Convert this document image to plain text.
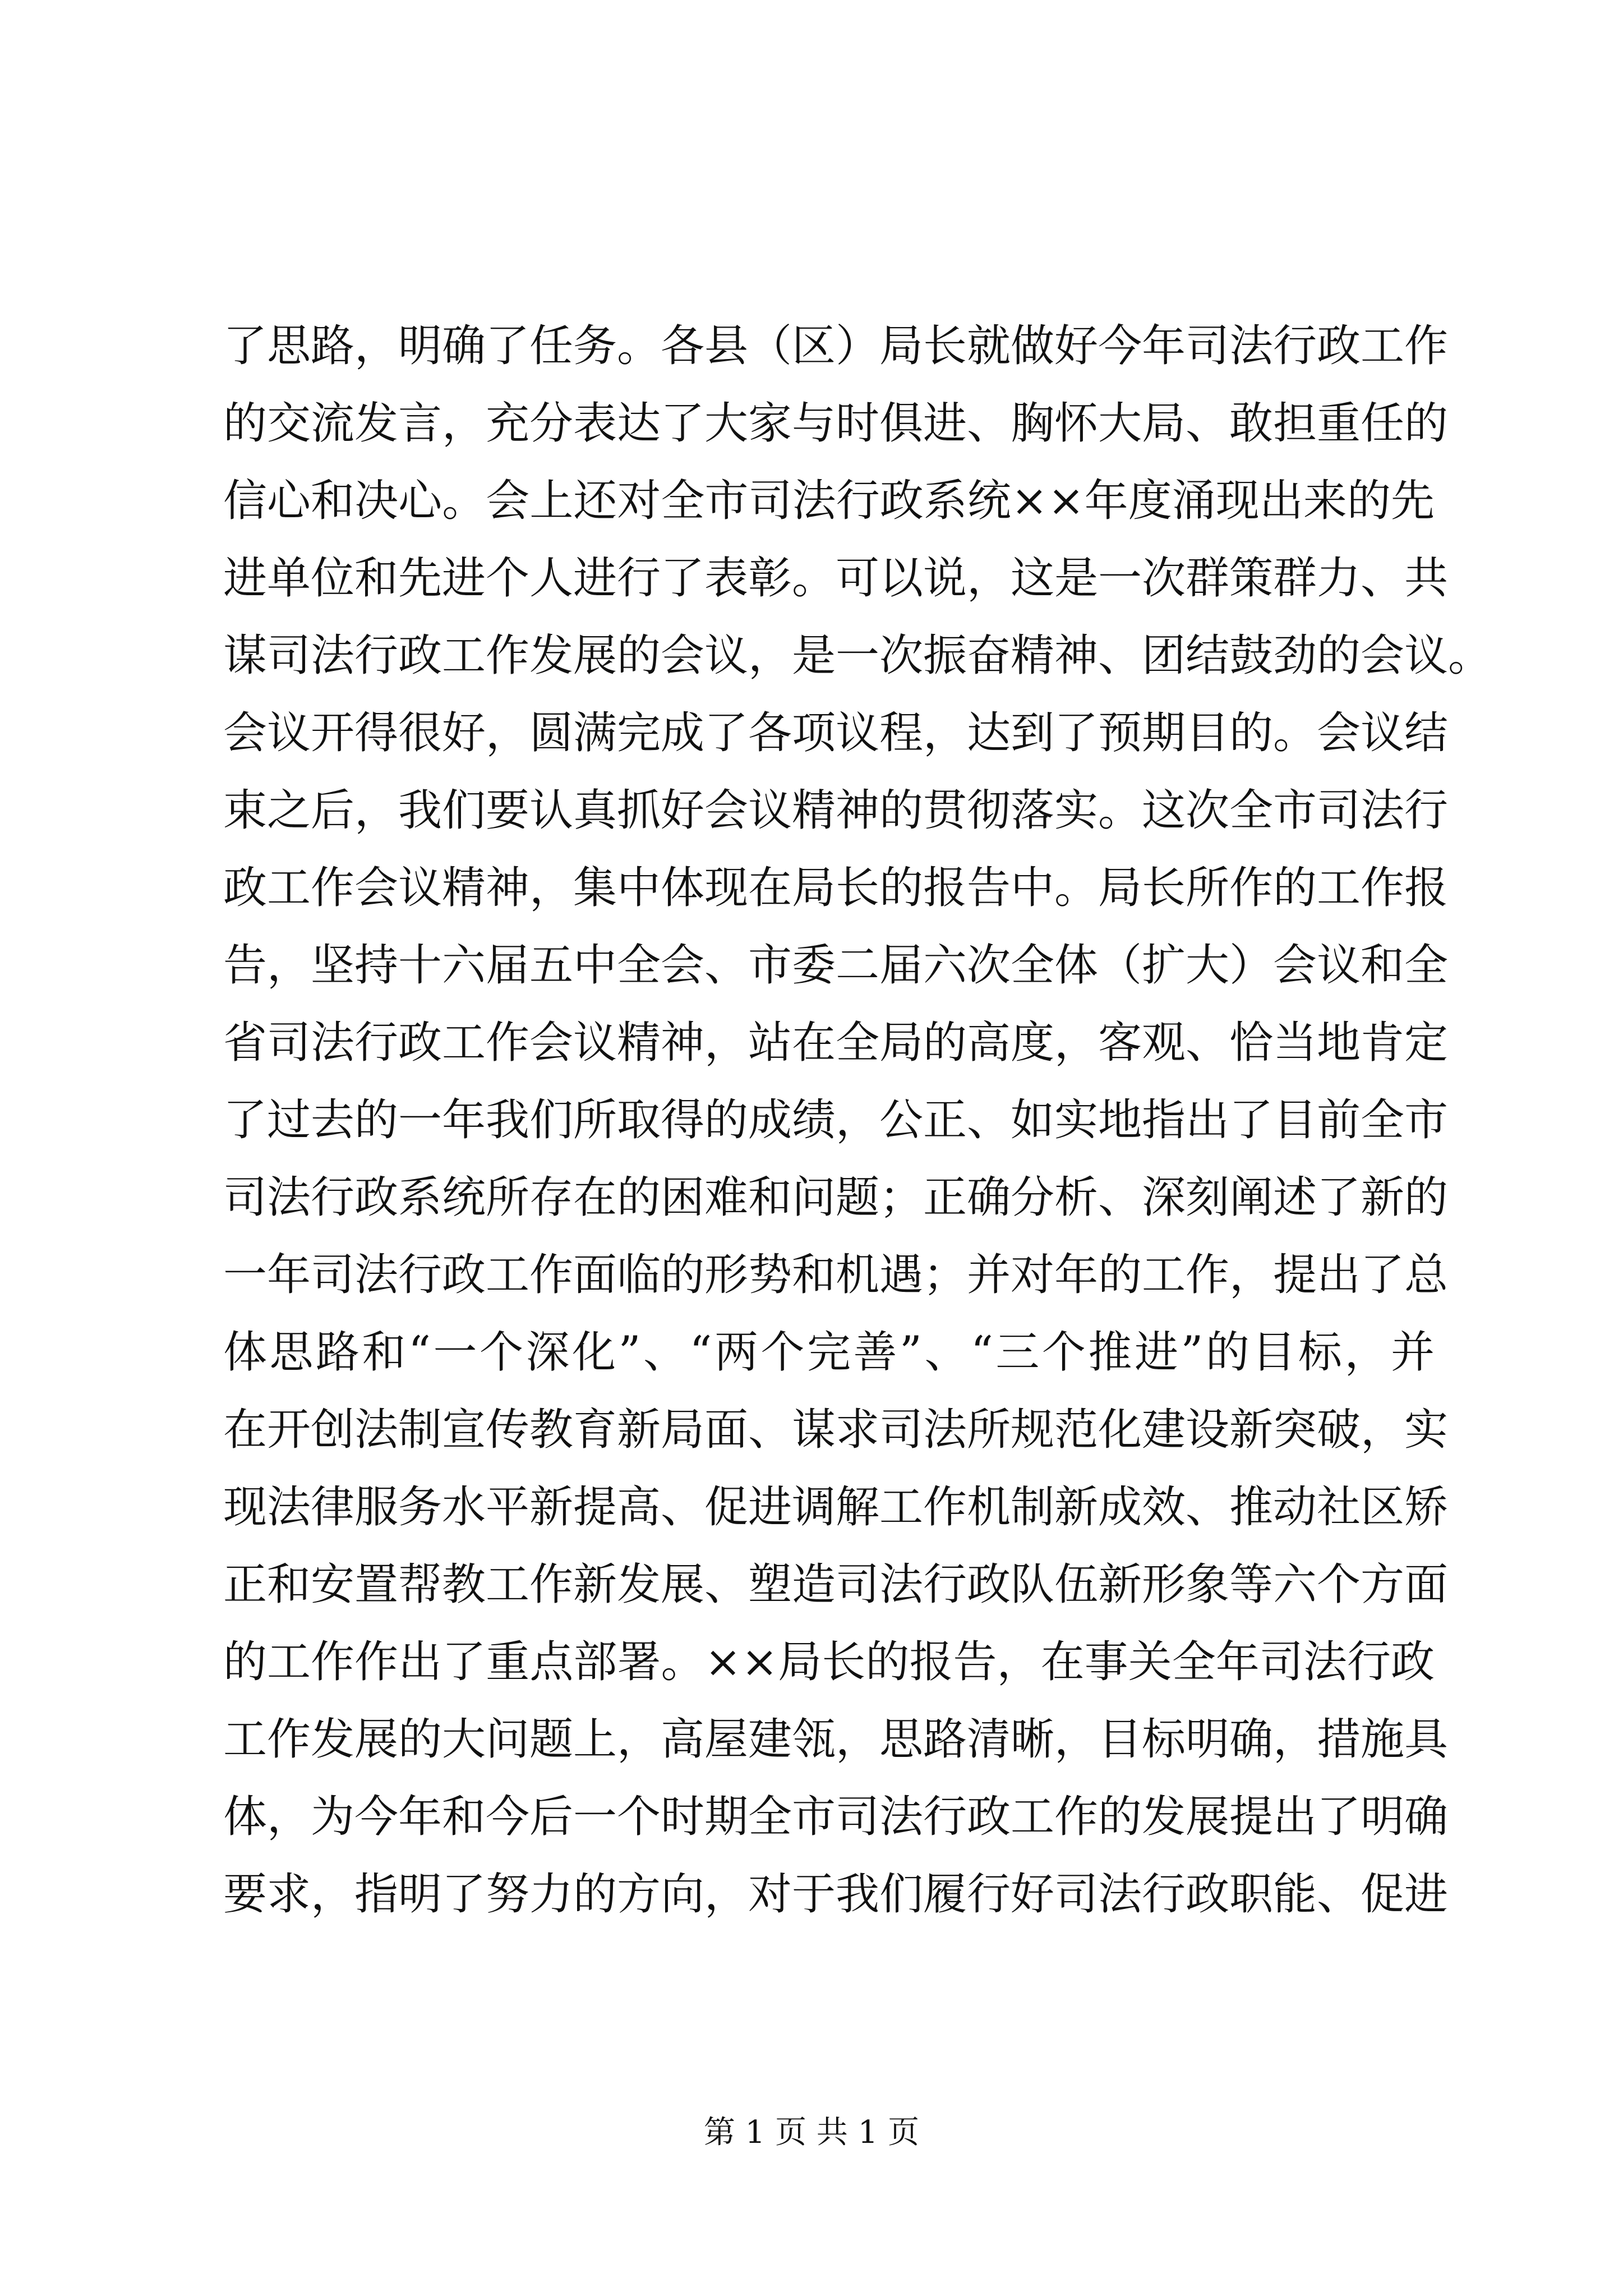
了思路，明确了任务。各县（区）局长就做好今年司法行政工作
的交流发言，充分表达了大家与时俱进、胸怀大局、敢担重任的
信心和决心。会上还对全市司法行政系统××年度涌现出来的先
进单位和先进个人进行了表彰。可以说，这是一次群策群力、共
谋司法行政工作发展的会议，是一次振奋精神、团结鼓劲的会议。
会议开得很好，圆满完成了各项议程，达到了预期目的。会议结
束之后，我们要认真抓好会议精神的贯彻落实。这次全市司法行
政工作会议精神，集中体现在局长的报告中。局长所作的工作报
告，坚持十六届五中全会、市委二届六次全体（扩大）会议和全
省司法行政工作会议精神，站在全局的高度，客观、恰当地肯定
了过去的一年我们所取得的成绩，公正、如实地指出了目前全市
司法行政系统所存在的困难和问题；正确分析、深刻阐述了新的
一年司法行政工作面临的形势和机遇；并对年的工作，提出了总
体思路和“一个深化”、“两个完善”、“三个推进”的目标，并
在开创法制宣传教育新局面、谋求司法所规范化建设新突破，实
现法律服务水平新提高、促进调解工作机制新成效、推动社区矫
正和安置帮教工作新发展、塑造司法行政队伍新形象等六个方面
的工作作出了重点部署。××局长的报告，在事关全年司法行政
工作发展的大问题上，高屋建瓴，思路清晰，目标明确，措施具
体，为今年和今后一个时期全市司法行政工作的发展提出了明确
要求，指明了努力的方向，对于我们履行好司法行政职能、促进
第 1 页 共 1 页
